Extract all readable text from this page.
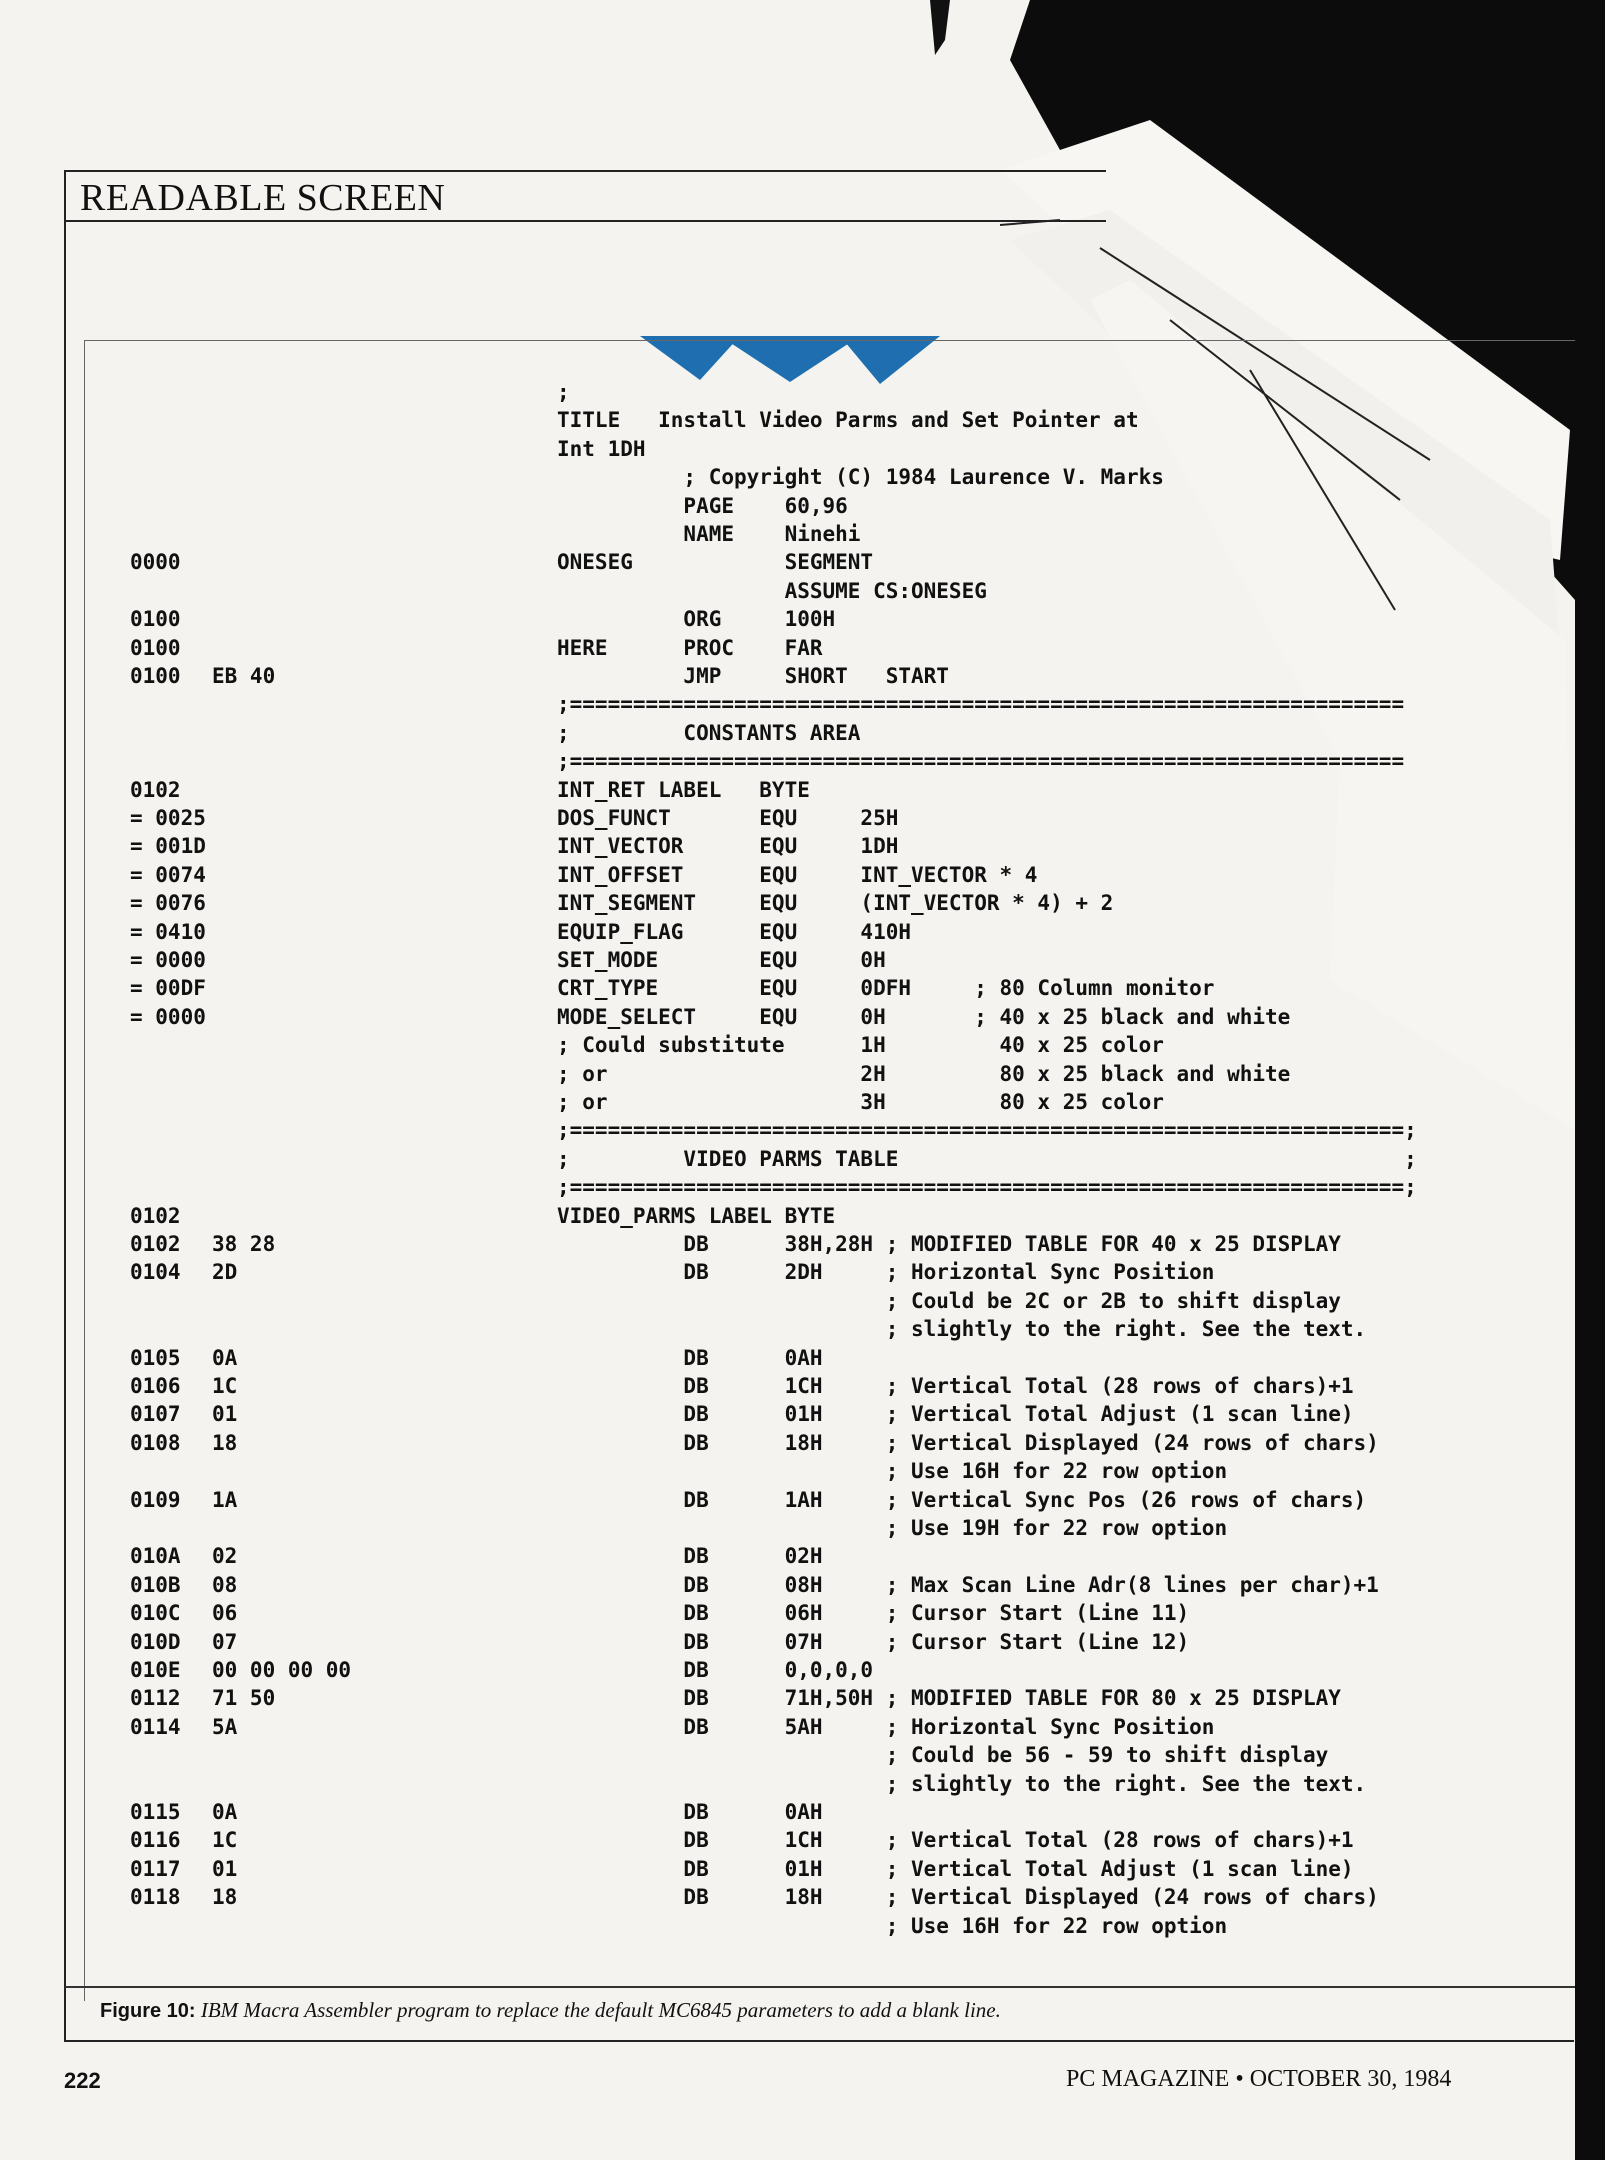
READABLE SCREEN
;
TITLE   Install Video Parms and Set Pointer at
Int 1DH
; Copyright (C) 1984 Laurence V. Marks
PAGE    60,96
NAME    Ninehi
0000	ONESEG            SEGMENT
ASSUME CS:ONESEG
0100	ORG     100H
0100	HERE      PROC    FAR
0100 EB 40	JMP     SHORT   START
;==================================================================
;         CONSTANTS AREA
;==================================================================
0102	INT_RET LABEL   BYTE
= 0025	DOS_FUNCT       EQU     25H
= 001D	INT_VECTOR      EQU     1DH
= 0074	INT_OFFSET      EQU     INT_VECTOR * 4
= 0076	INT_SEGMENT     EQU     (INT_VECTOR * 4) + 2
= 0410	EQUIP_FLAG      EQU     410H
= 0000	SET_MODE        EQU     0H
= 00DF	CRT_TYPE        EQU     0DFH     ; 80 Column monitor
= 0000	MODE_SELECT     EQU     0H       ; 40 x 25 black and white
; Could substitute      1H         40 x 25 color
; or                    2H         80 x 25 black and white
; or                    3H         80 x 25 color
;==================================================================;
;         VIDEO PARMS TABLE                                        ;
;==================================================================;
0102	VIDEO_PARMS LABEL BYTE
0102 38 28	DB      38H,28H ; MODIFIED TABLE FOR 40 x 25 DISPLAY
0104 2D	DB      2DH     ; Horizontal Sync Position
; Could be 2C or 2B to shift display
; slightly to the right. See the text.
0105 0A	DB      0AH
0106 1C	DB      1CH     ; Vertical Total (28 rows of chars)+1
0107 01	DB      01H     ; Vertical Total Adjust (1 scan line)
0108 18	DB      18H     ; Vertical Displayed (24 rows of chars)
; Use 16H for 22 row option
0109 1A	DB      1AH     ; Vertical Sync Pos (26 rows of chars)
; Use 19H for 22 row option
010A 02	DB      02H
010B 08	DB      08H     ; Max Scan Line Adr(8 lines per char)+1
010C 06	DB      06H     ; Cursor Start (Line 11)
010D 07	DB      07H     ; Cursor Start (Line 12)
010E 00 00 00 00	DB      0,0,0,0
0112 71 50	DB      71H,50H ; MODIFIED TABLE FOR 80 x 25 DISPLAY
0114 5A	DB      5AH     ; Horizontal Sync Position
; Could be 56 - 59 to shift display
; slightly to the right. See the text.
0115 0A	DB      0AH
0116 1C	DB      1CH     ; Vertical Total (28 rows of chars)+1
0117 01	DB      01H     ; Vertical Total Adjust (1 scan line)
0118 18	DB      18H     ; Vertical Displayed (24 rows of chars)
; Use 16H for 22 row option
Figure 10: IBM Macra Assembler program to replace the default MC6845 parameters to add a blank line.
222	PC MAGAZINE • OCTOBER 30, 1984
